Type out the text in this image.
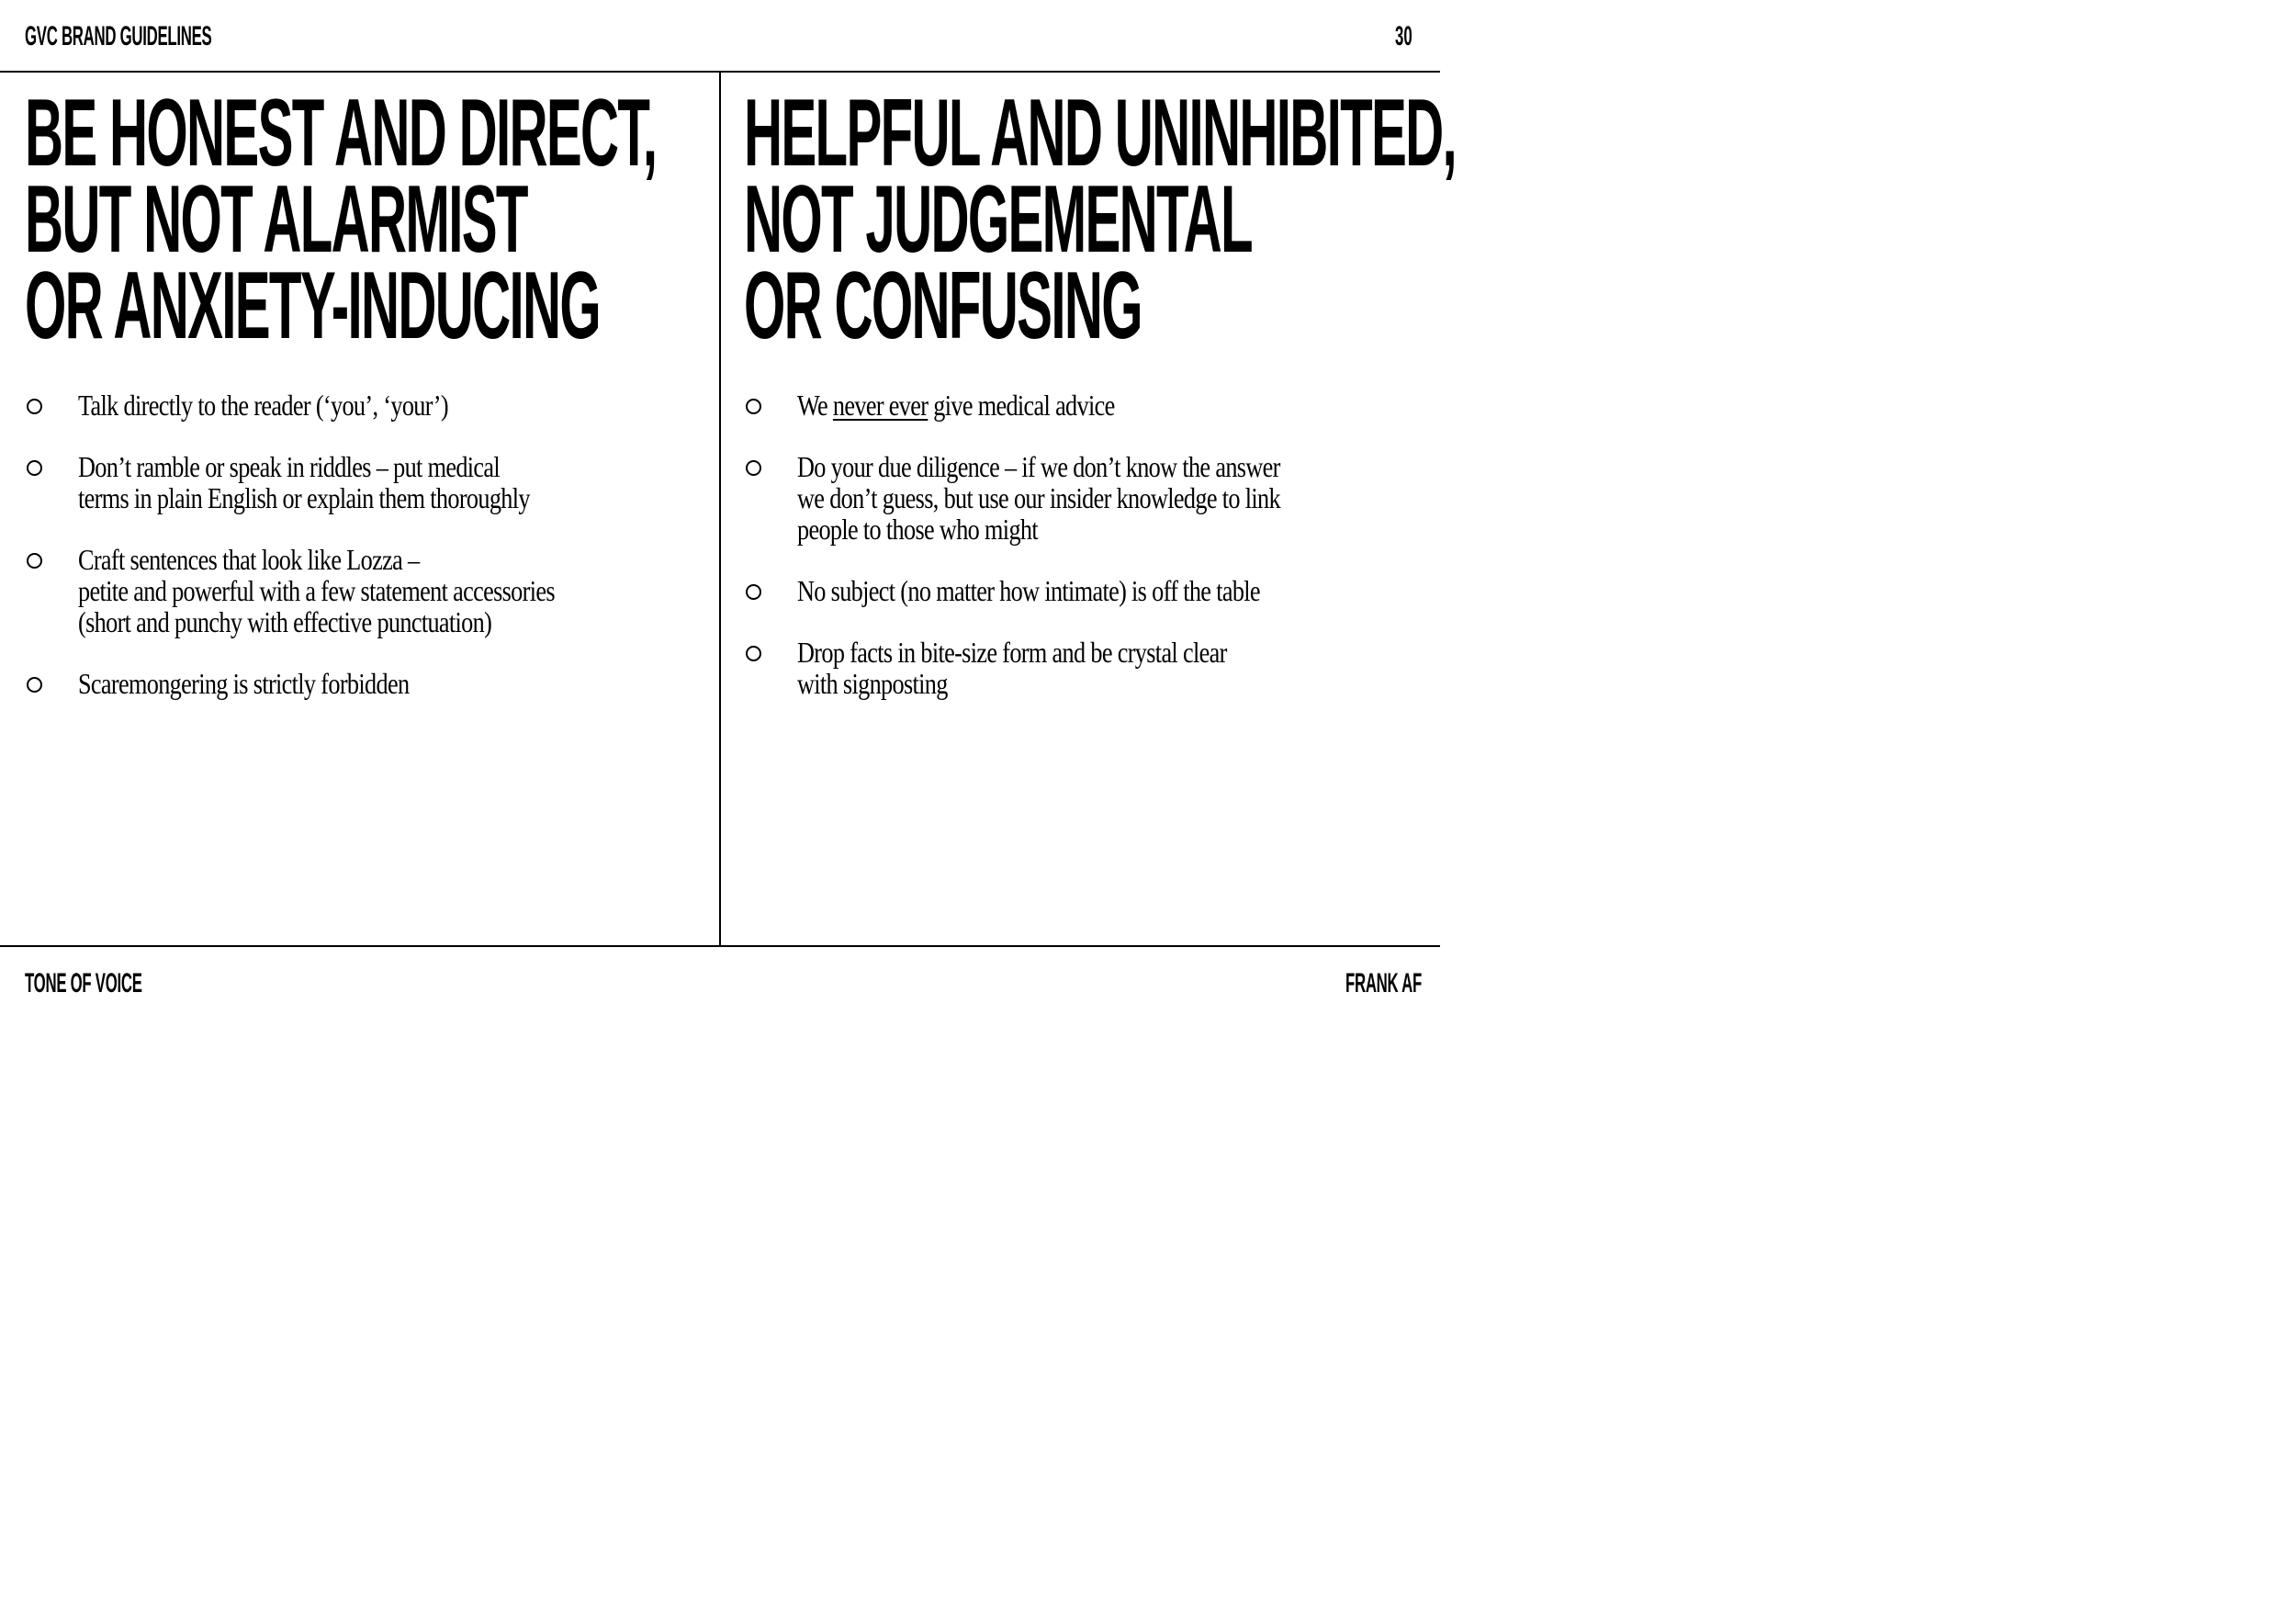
GVC BRAND GUIDELINES	30
BE HONEST AND DIRECT,
BUT NOT ALARMIST
OR ANXIETY-INDUCING
Talk directly to the reader (‘you’, ‘your’)
Don’t ramble or speak in riddles – put medical
terms in plain English or explain them thoroughly
Craft sentences that look like Lozza –
petite and powerful with a few statement accessories
(short and punchy with effective punctuation)
Scaremongering is strictly forbidden
HELPFUL AND UNINHIBITED,
NOT JUDGEMENTAL
OR CONFUSING
We never ever give medical advice
Do your due diligence – if we don’t know the answer
we don’t guess, but use our insider knowledge to link
people to those who might
No subject (no matter how intimate) is off the table
Drop facts in bite-size form and be crystal clear
with signposting
TONE OF VOICE	FRANK AF
